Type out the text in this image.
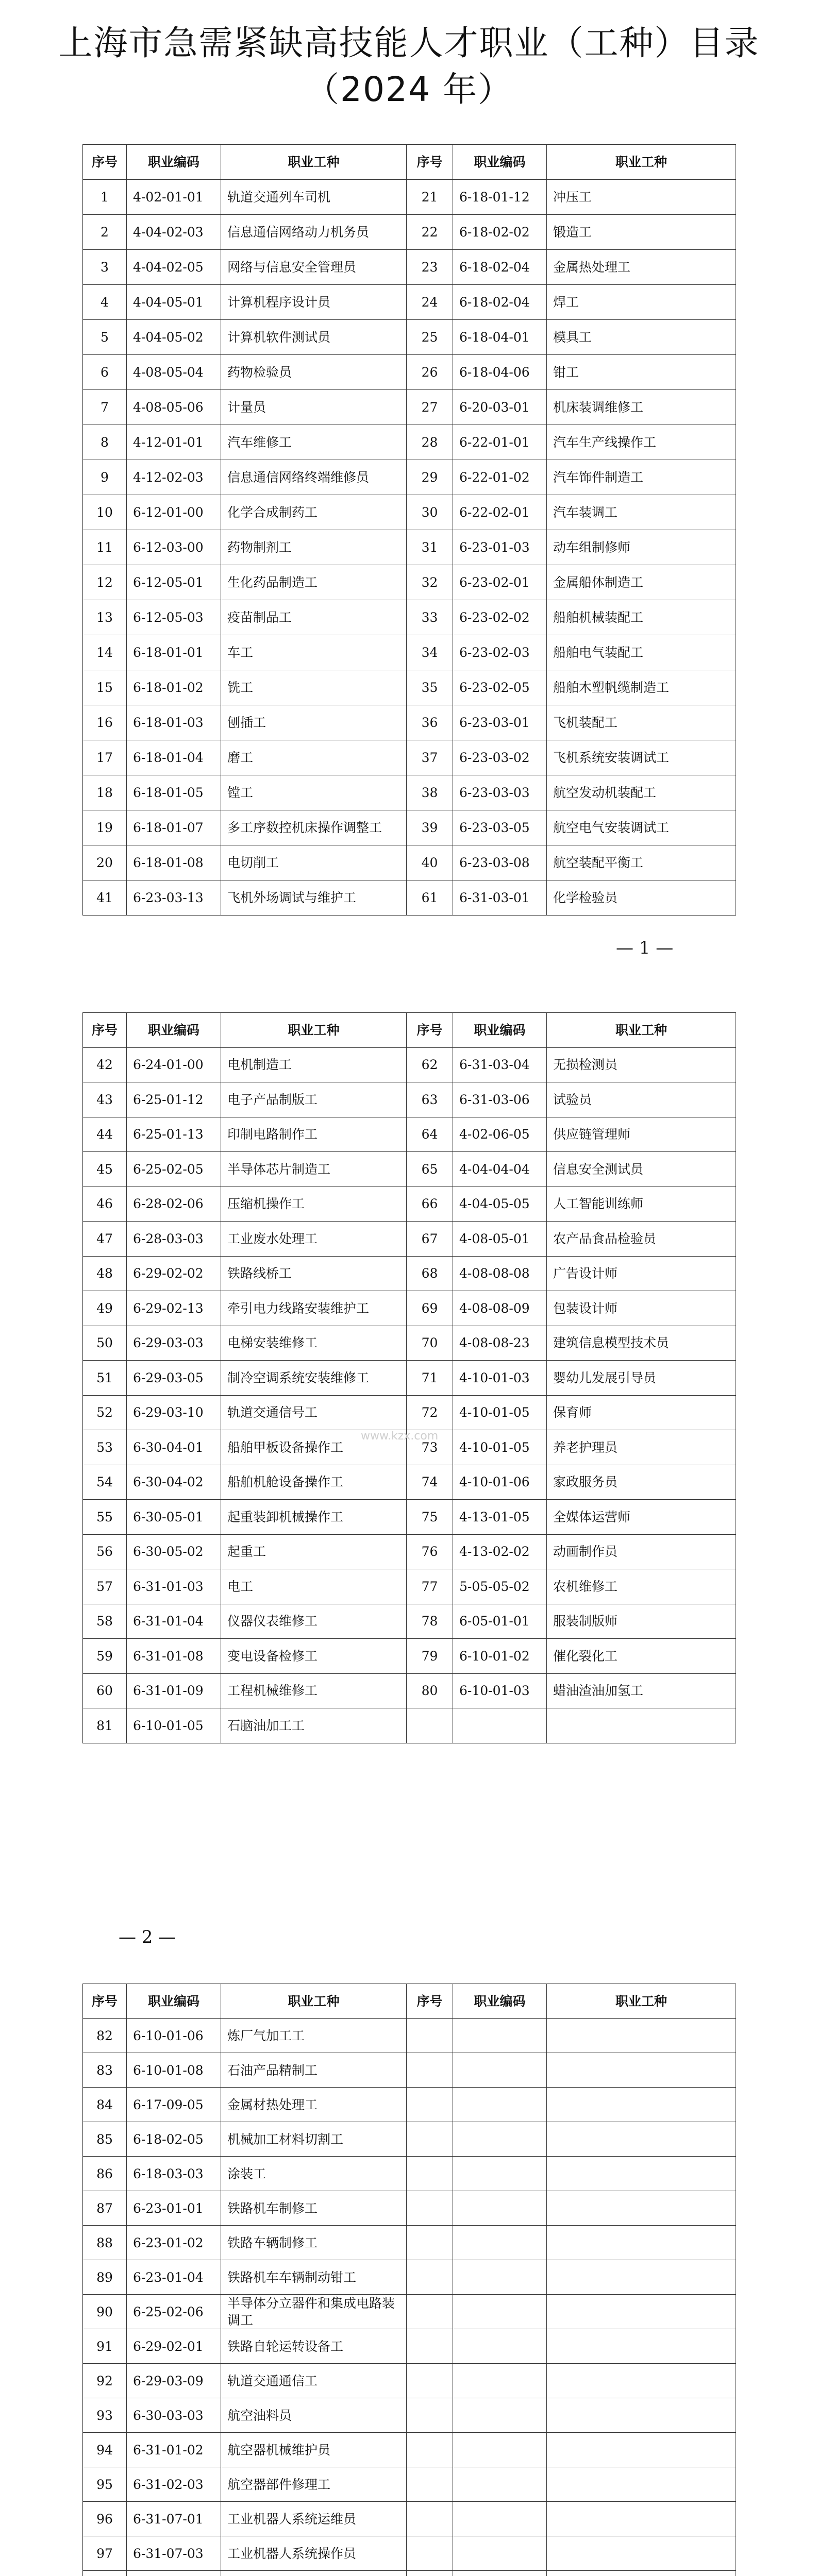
上海市急需紧缺高技能人才职业（工种）目录
（2024 年）
序号	职业编码	职业工种	序号	职业编码	职业工种
1	4-02-01-01	轨道交通列车司机	21	6-18-01-12	冲压工
2	4-04-02-03	信息通信网络动力机务员	22	6-18-02-02	锻造工
3	4-04-02-05	网络与信息安全管理员	23	6-18-02-04	金属热处理工
4	4-04-05-01	计算机程序设计员	24	6-18-02-04	焊工
5	4-04-05-02	计算机软件测试员	25	6-18-04-01	模具工
6	4-08-05-04	药物检验员	26	6-18-04-06	钳工
7	4-08-05-06	计量员	27	6-20-03-01	机床装调维修工
8	4-12-01-01	汽车维修工	28	6-22-01-01	汽车生产线操作工
9	4-12-02-03	信息通信网络终端维修员	29	6-22-01-02	汽车饰件制造工
10	6-12-01-00	化学合成制药工	30	6-22-02-01	汽车装调工
11	6-12-03-00	药物制剂工	31	6-23-01-03	动车组制修师
12	6-12-05-01	生化药品制造工	32	6-23-02-01	金属船体制造工
13	6-12-05-03	疫苗制品工	33	6-23-02-02	船舶机械装配工
14	6-18-01-01	车工	34	6-23-02-03	船舶电气装配工
15	6-18-01-02	铣工	35	6-23-02-05	船舶木塑帆缆制造工
16	6-18-01-03	刨插工	36	6-23-03-01	飞机装配工
17	6-18-01-04	磨工	37	6-23-03-02	飞机系统安装调试工
18	6-18-01-05	镗工	38	6-23-03-03	航空发动机装配工
19	6-18-01-07	多工序数控机床操作调整工	39	6-23-03-05	航空电气安装调试工
20	6-18-01-08	电切削工	40	6-23-03-08	航空装配平衡工
41	6-23-03-13	飞机外场调试与维护工	61	6-31-03-01	化学检验员
— 1 —
序号	职业编码	职业工种	序号	职业编码	职业工种
42	6-24-01-00	电机制造工	62	6-31-03-04	无损检测员
43	6-25-01-12	电子产品制版工	63	6-31-03-06	试验员
44	6-25-01-13	印制电路制作工	64	4-02-06-05	供应链管理师
45	6-25-02-05	半导体芯片制造工	65	4-04-04-04	信息安全测试员
46	6-28-02-06	压缩机操作工	66	4-04-05-05	人工智能训练师
47	6-28-03-03	工业废水处理工	67	4-08-05-01	农产品食品检验员
48	6-29-02-02	铁路线桥工	68	4-08-08-08	广告设计师
49	6-29-02-13	牵引电力线路安装维护工	69	4-08-08-09	包装设计师
50	6-29-03-03	电梯安装维修工	70	4-08-08-23	建筑信息模型技术员
51	6-29-03-05	制冷空调系统安装维修工	71	4-10-01-03	婴幼儿发展引导员
52	6-29-03-10	轨道交通信号工	72	4-10-01-05	保育师
53	6-30-04-01	船舶甲板设备操作工	73	4-10-01-05	养老护理员
54	6-30-04-02	船舶机舱设备操作工	74	4-10-01-06	家政服务员
55	6-30-05-01	起重装卸机械操作工	75	4-13-01-05	全媒体运营师
56	6-30-05-02	起重工	76	4-13-02-02	动画制作员
57	6-31-01-03	电工	77	5-05-05-02	农机维修工
58	6-31-01-04	仪器仪表维修工	78	6-05-01-01	服装制版师
59	6-31-01-08	变电设备检修工	79	6-10-01-02	催化裂化工
60	6-31-01-09	工程机械维修工	80	6-10-01-03	蜡油渣油加氢工
81	6-10-01-05	石脑油加工工			
www.kzx.com
— 2 —
序号	职业编码	职业工种	序号	职业编码	职业工种
82	6-10-01-06	炼厂气加工工			
83	6-10-01-08	石油产品精制工			
84	6-17-09-05	金属材热处理工			
85	6-18-02-05	机械加工材料切割工			
86	6-18-03-03	涂装工			
87	6-23-01-01	铁路机车制修工			
88	6-23-01-02	铁路车辆制修工			
89	6-23-01-04	铁路机车车辆制动钳工			
90	6-25-02-06	半导体分立器件和集成电路装调工			
91	6-29-02-01	铁路自轮运转设备工			
92	6-29-03-09	轨道交通通信工			
93	6-30-03-03	航空油料员			
94	6-31-01-02	航空器机械维护员			
95	6-31-02-03	航空器部件修理工			
96	6-31-07-01	工业机器人系统运维员			
97	6-31-07-03	工业机器人系统操作员			
